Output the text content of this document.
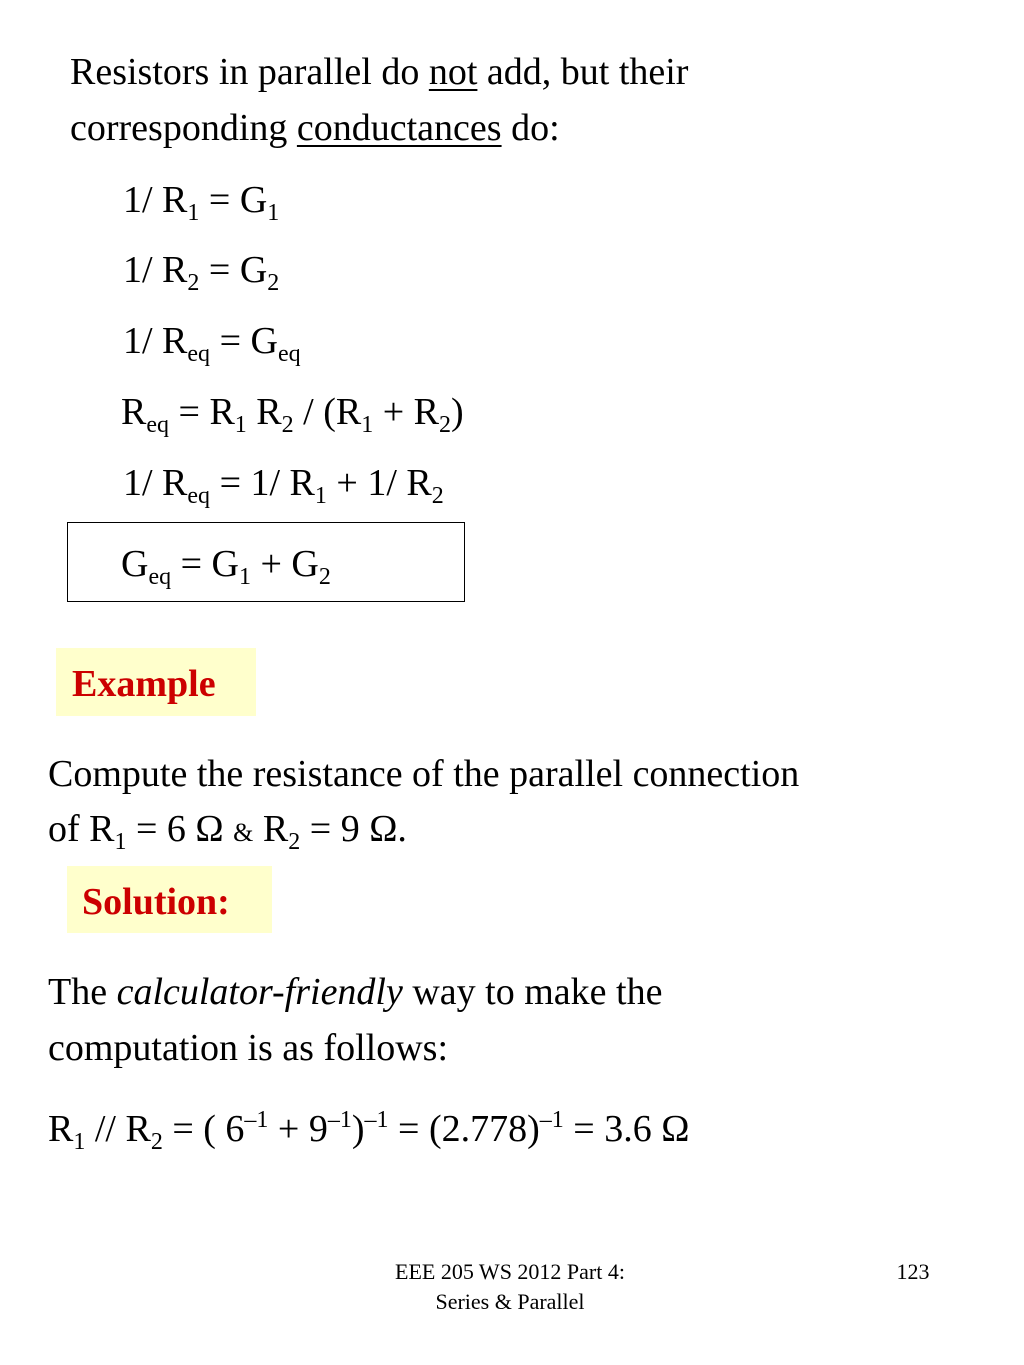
Resistors in parallel do not add, but their
corresponding conductances do:
1/ $R_1 = G_1$
1/ $R_2 = G_2$
1/ $R_{eq} = G_{eq}$
$R_{eq} = R_1$ $R_2 / (R_1 + R_2)$
1/ $R_{eq} = 1/$ $R_1 + 1/$ $R_2$
$G_{eq} = G_1 + G_2$
Example
Compute the resistance of the parallel connection
of $R_1 = 6$ Ω & $R_2 = 9$ Ω.
Solution:
The calculator-friendly way to make the
computation is as follows:
$R_1 // R_2$ = ( $6^{-1} + 9^{-1})^{-1} = (2.778)^{-1} = 3.6$ Ω
EEE 205 WS 2012 Part 4:
Series & Parallel
123
